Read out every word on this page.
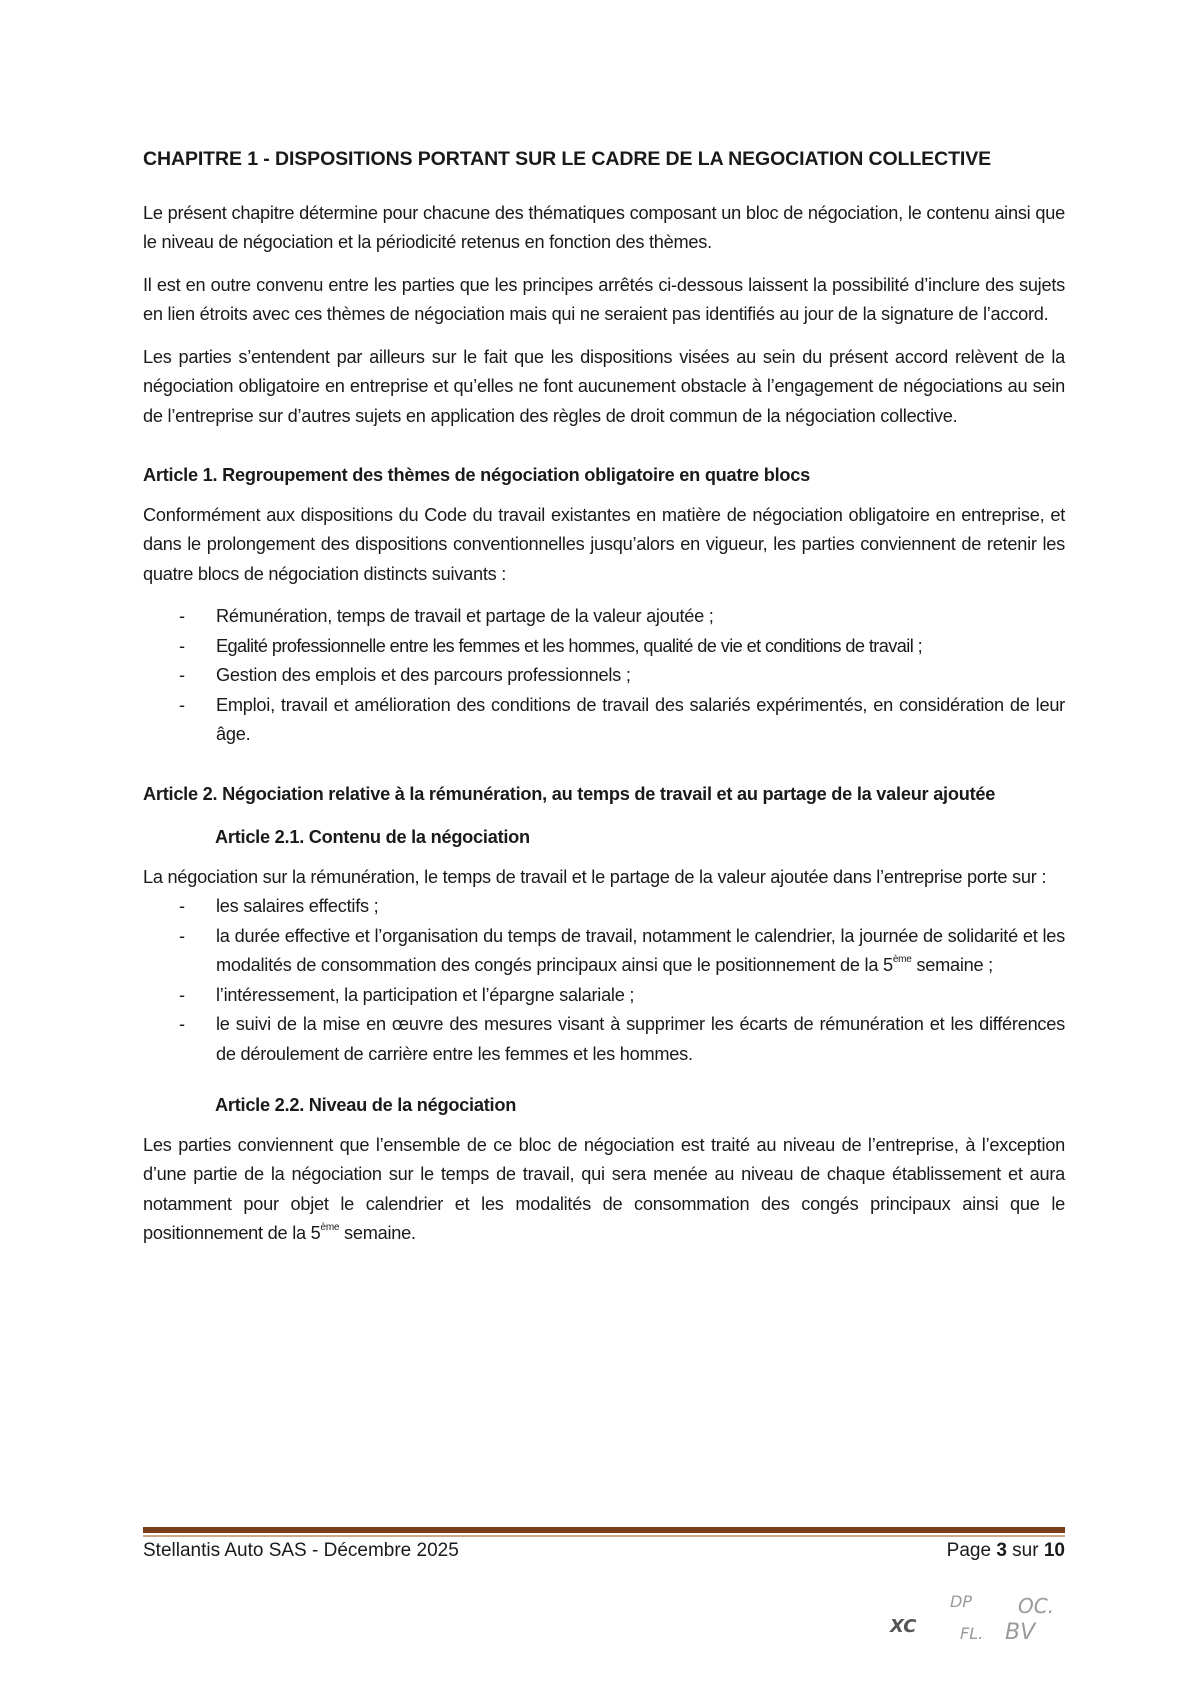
CHAPITRE 1 - DISPOSITIONS PORTANT SUR LE CADRE DE LA NEGOCIATION COLLECTIVE

Le présent chapitre détermine pour chacune des thématiques composant un bloc de négociation, le contenu ainsi que le niveau de négociation et la périodicité retenus en fonction des thèmes.

Il est en outre convenu entre les parties que les principes arrêtés ci-dessous laissent la possibilité d’inclure des sujets en lien étroits avec ces thèmes de négociation mais qui ne seraient pas identifiés au jour de la signature de l’accord.

Les parties s’entendent par ailleurs sur le fait que les dispositions visées au sein du présent accord relèvent de la négociation obligatoire en entreprise et qu’elles ne font aucunement obstacle à l’engagement de négociations au sein de l’entreprise sur d’autres sujets en application des règles de droit commun de la négociation collective.

Article 1. Regroupement des thèmes de négociation obligatoire en quatre blocs

Conformément aux dispositions du Code du travail existantes en matière de négociation obligatoire en entreprise, et dans le prolongement des dispositions conventionnelles jusqu’alors en vigueur, les parties conviennent de retenir les quatre blocs de négociation distincts suivants :

- Rémunération, temps de travail et partage de la valeur ajoutée ;
- Egalité professionnelle entre les femmes et les hommes, qualité de vie et conditions de travail ;
- Gestion des emplois et des parcours professionnels ;
- Emploi, travail et amélioration des conditions de travail des salariés expérimentés, en considération de leur âge.
Article 2. Négociation relative à la rémunération, au temps de travail et au partage de la valeur ajoutée
Article 2.1. Contenu de la négociation

La négociation sur la rémunération, le temps de travail et le partage de la valeur ajoutée dans l’entreprise porte sur :

- les salaires effectifs ;
- la durée effective et l’organisation du temps de travail, notamment le calendrier, la journée de solidarité et les modalités de consommation des congés principaux ainsi que le positionnement de la 5ème semaine ;
- l’intéressement, la participation et l’épargne salariale ;
- le suivi de la mise en œuvre des mesures visant à supprimer les écarts de rémunération et les différences de déroulement de carrière entre les femmes et les hommes.
Article 2.2. Niveau de la négociation

Les parties conviennent que l’ensemble de ce bloc de négociation est traité au niveau de l’entreprise, à l’exception d’une partie de la négociation sur le temps de travail, qui sera menée au niveau de chaque établissement et aura notamment pour objet le calendrier et les modalités de consommation des congés principaux ainsi que le positionnement de la 5ème semaine.

Stellantis Auto SAS - Décembre 2025	Page 3 sur 10
XC
DP OC.
FL. BV
